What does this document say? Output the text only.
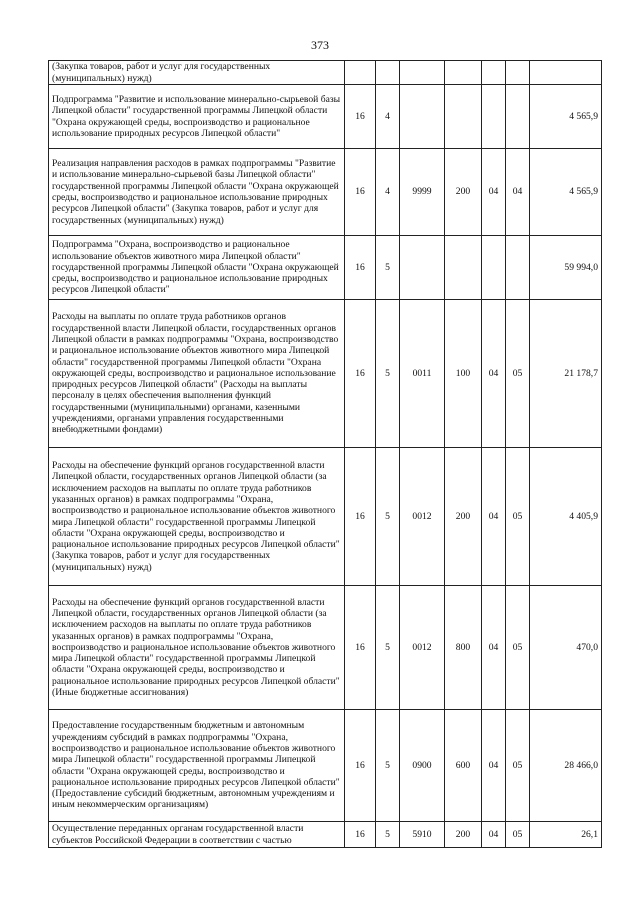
373
(Закупка товаров, работ и услуг для государственных (муниципальных) нужд)							
Подпрограмма "Развитие и использование минерально-сырьевой базы Липецкой области" государственной программы Липецкой области "Охрана окружающей среды, воспроизводство и рациональное использование природных ресурсов Липецкой области"	16	4					4 565,9
Реализация направления расходов в рамках подпрограммы "Развитие и использование минерально-сырьевой базы Липецкой области" государственной программы Липецкой области "Охрана окружающей среды, воспроизводство и рациональное использование природных ресурсов Липецкой области" (Закупка товаров, работ и услуг для государственных (муниципальных) нужд)	16	4	9999	200	04	04	4 565,9
Подпрограмма "Охрана, воспроизводство и рациональное использование объектов животного мира Липецкой области" государственной программы Липецкой области "Охрана окружающей среды, воспроизводство и рациональное использование природных ресурсов Липецкой области"	16	5					59 994,0
Расходы на выплаты по оплате труда работников органов государственной власти Липецкой области, государственных органов Липецкой области в рамках подпрограммы "Охрана, воспроизводство и рациональное использование объектов животного мира Липецкой области" государственной программы Липецкой области "Охрана окружающей среды, воспроизводство и рациональное использование природных ресурсов Липецкой области" (Расходы на выплаты персоналу в целях обеспечения выполнения функций государственными (муниципальными) органами, казенными учреждениями, органами управления государственными внебюджетными фондами)	16	5	0011	100	04	05	21 178,7
Расходы на обеспечение функций органов государственной власти Липецкой области, государственных органов Липецкой области (за исключением расходов на выплаты по оплате труда работников указанных органов) в рамках подпрограммы "Охрана, воспроизводство и рациональное использование объектов животного мира Липецкой области" государственной программы Липецкой области "Охрана окружающей среды, воспроизводство и рациональное использование природных ресурсов Липецкой области" (Закупка товаров, работ и услуг для государственных (муниципальных) нужд)	16	5	0012	200	04	05	4 405,9
Расходы на обеспечение функций органов государственной власти Липецкой области, государственных органов Липецкой области (за исключением расходов на выплаты по оплате труда работников указанных органов) в рамках подпрограммы "Охрана, воспроизводство и рациональное использование объектов животного мира Липецкой области" государственной программы Липецкой области "Охрана окружающей среды, воспроизводство и рациональное использование природных ресурсов Липецкой области" (Иные бюджетные ассигнования)	16	5	0012	800	04	05	470,0
Предоставление государственным бюджетным и автономным учреждениям субсидий в рамках подпрограммы "Охрана, воспроизводство и рациональное использование объектов животного мира Липецкой области" государственной программы Липецкой области "Охрана окружающей среды, воспроизводство и рациональное использование природных ресурсов Липецкой области" (Предоставление субсидий бюджетным, автономным учреждениям и иным некоммерческим организациям)	16	5	0900	600	04	05	28 466,0
Осуществление переданных органам государственной власти субъектов Российской Федерации в соответствии с частью	16	5	5910	200	04	05	26,1
